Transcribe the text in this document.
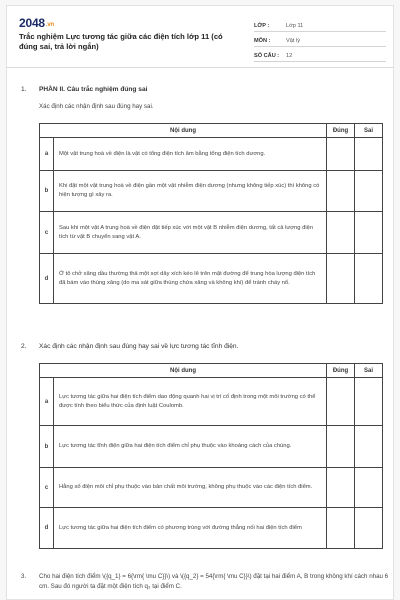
2048.vn
Trắc nghiệm Lực tương tác giữa các điện tích lớp 11 (có đúng sai, trả lời ngắn)
LỚP :	Lớp 11
MÔN :	Vật lý
SỐ CÂU :	12
1. PHẦN II. Câu trắc nghiệm đúng sai
Xác định các nhận định sau đúng hay sai.
Nội dung		Đúng	Sai
a	Một vật trung hoà về điện là vật có tổng điện tích âm bằng tổng điện tích dương.		
b	Khi đặt một vật trung hoà về điện gần một vật nhiễm điện dương (nhưng không tiếp xúc) thì không có hiện tượng gì xảy ra.		
c	Sau khi một vật A trung hoà về điện đặt tiếp xúc với một vật B nhiễm điện dương, tất cả lượng điện tích từ vật B chuyển sang vật A.		
d	Ở tô chở xăng dầu thường thả một sợi dây xích kéo lê trên mặt đường để trung hòa lượng điện tích đã bám vào thùng xăng (do ma sát giữa thùng chứa xăng và không khí) để tránh cháy nổ.		
2. Xác định các nhận định sau đúng hay sai về lực tương tác tĩnh điện.
Nội dung		Đúng	Sai
a	Lực tương tác giữa hai điện tích điểm dao động quanh hai vị trí cố định trong một môi trường có thể được tính theo biểu thức của định luật Coulomb.		
b	Lực tương tác tĩnh điện giữa hai điện tích điểm chỉ phụ thuộc vào khoảng cách của chúng.		
c	Hằng số điện môi chỉ phụ thuộc vào bản chất môi trường, không phụ thuộc vào các điện tích điểm.		
d	Lực tương tác giữa hai điện tích điểm có phương trùng với đường thẳng nối hai điện tích điểm		
3. Cho hai điện tích điểm \({q_1} = 6{\rm{ \mu C}}\) và \({q_2} = 54{\rm{ \mu C}}\) đặt tại hai điểm A, B trong không khí cách nhau 6 cm. Sau đó người ta đặt một điện tích q₃ tại điểm C.
